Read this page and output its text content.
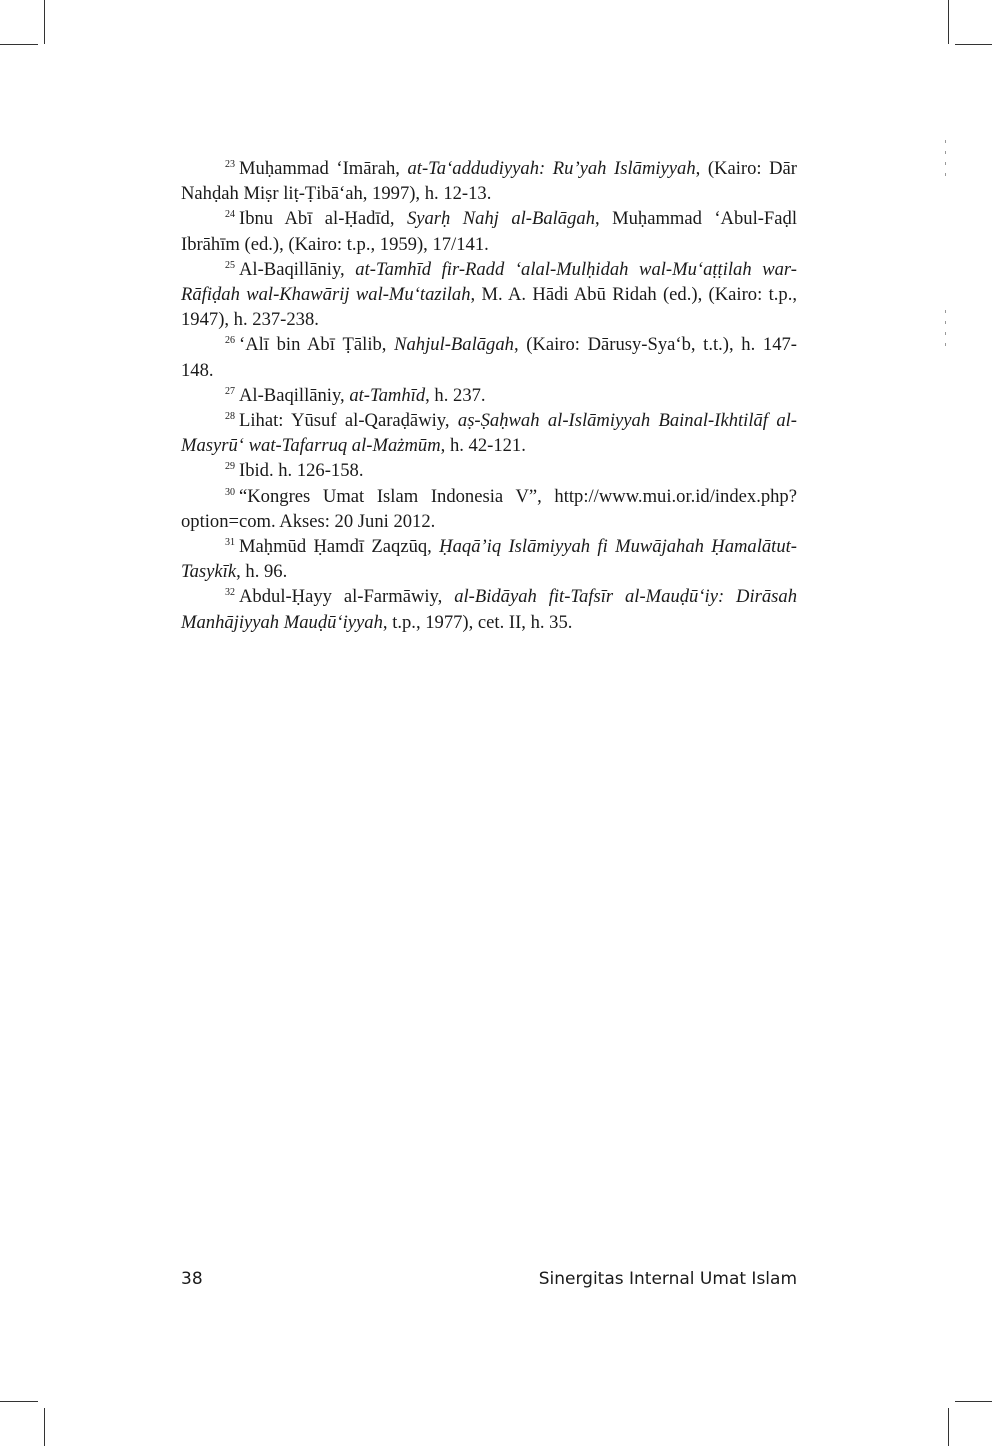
$^{23}$ Muḥammad ‘Imārah, at-Ta‘addudiyyah: Ru’yah Islāmiyyah, (Kairo: Dār Nahḍah Miṣr liṭ-Ṭibā‘ah, 1997), h. 12-13.

$^{24}$ Ibnu Abī al-Ḥadīd, Syarḥ Nahj al-Balāgah, Muḥammad ‘Abul-Faḍl Ibrāhīm (ed.), (Kairo: t.p., 1959), 17/141.

$^{25}$ Al-Baqillāniy, at-Tamhīd fir-Radd ‘alal-Mulḥidah wal-Mu‘aṭṭilah war-Rāfiḍah wal-Khawārij wal-Mu‘tazilah, M. A. Hādi Abū Ridah (ed.), (Kairo: t.p., 1947), h. 237-238.

$^{26}$ ‘Alī bin Abī Ṭālib, Nahjul-Balāgah, (Kairo: Dārusy-Sya‘b, t.t.), h. 147-148.

$^{27}$ Al-Baqillāniy, at-Tamhīd, h. 237.

$^{28}$ Lihat: Yūsuf al-Qaraḍāwiy, aṣ-Ṣaḥwah al-Islāmiyyah Bainal-Ikhtilāf al-Masyrū‘ wat-Tafarruq al-Mażmūm, h. 42-121.

$^{29}$ Ibid. h. 126-158.

$^{30}$ “Kongres Umat Islam Indonesia V”, http://www.mui.or.id/index.php?option=com. Akses: 20 Juni 2012.

$^{31}$ Maḥmūd Ḥamdī Zaqzūq, Ḥaqā’iq Islāmiyyah fi Muwājahah Ḥamalātut-Tasykīk, h. 96.

$^{32}$ Abdul-Ḥayy al-Farmāwiy, al-Bidāyah fit-Tafsīr al-Mauḍū‘iy: Dirāsah Manhājiyyah Mauḍū‘iyyah, t.p., 1977), cet. II, h. 35.

38	Sinergitas Internal Umat Islam
